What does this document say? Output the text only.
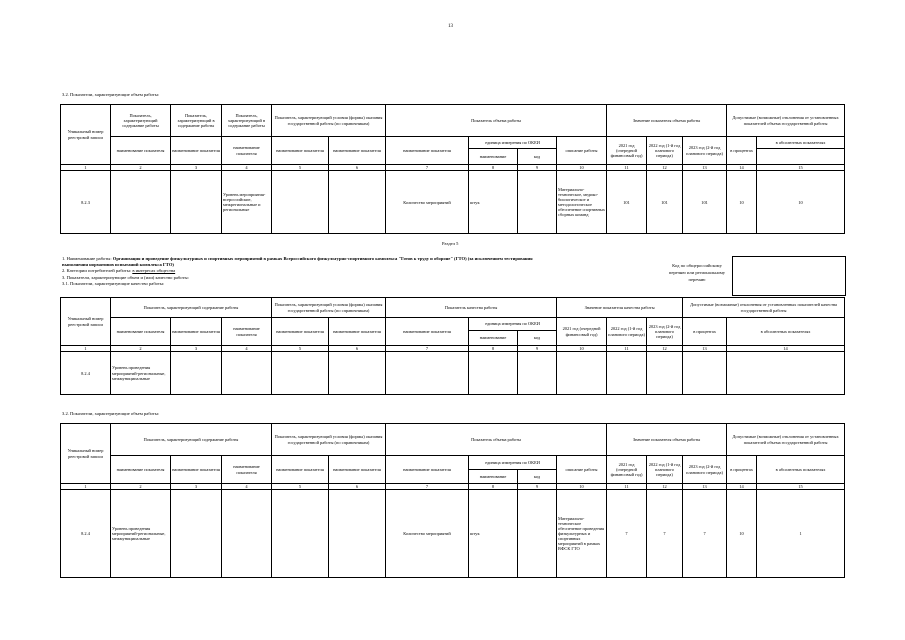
13
3.2. Показатели, характеризующие объем работы:
Уникальный номер реестровой записи	Показатель, характеризующий содержание работы	Показатель, характеризующий в содержание работы	Показатель, характеризующий в содержание работы	Показатель, характеризующий условия (формы) оказания государственной работы (по справочникам)		Показатель объема работы				Значение показателя объема работы			Допустимые (возможные) отклонения от установленных показателей объема государственной работы	
	наименование показателя	наименование показателя	наименование показателя	наименование показателя	наименование показателя	наименование показателя	единица измерения по ОКЕИ		описание работы	2021 год (очередной финансовый год)	2022 год (1-й год планового периода)	2023 год (2-й год планового периода)	в процентах	в абсолютных показателях
							наименование	код						
1	2	3	4	5	6	7	8	9	10	11	12	13	14	15
8.2.3			Уровень мероприятия-всероссийские, межрегиональные и региональные			Количество мероприятий	штук		Материально-техническое, медико-биологическое и методологическое обеспечение спортивных сборных команд	101	101	101	10	10
Раздел 5
1. Наименование работы: Организация и проведение физкультурных и спортивных мероприятий в рамках Всероссийского физкультурно-спортивного комплекса "Готов к труду и обороне" (ГТО) (за исключением тестирования
выполнения нормативов испытаний комплекса ГТО)
2. Категории потребителей работы: в интересах общества
3. Показатели, характеризующие объем и (или) качество работы:
3.1. Показатели, характеризующие качество работы:
Код по общероссийскому перечню или региональному перечню
Уникальный номер реестровой записи	Показатель, характеризующий содержание работы			Показатель, характеризующий условия (формы) оказания государственной работы (по справочникам)		Показатель качества работы			Значение показателя качества работы			Допустимые (возможные) отклонения от установленных показателей качества государственной работы	
	наименование показателя	наименование показателя	наименование показателя	наименование показателя	наименование показателя	наименование показателя	единица измерения по ОКЕИ		2021 год (очередной финансовый год)	2022 год (1-й год планового периода)	2023 год (2-й год планового периода)	в процентах	в абсолютных показателях
							наименование	код					
1	2	3	4	5	6	7	8	9	10	11	12	13	14
8.2.4	Уровень проведения мероприятий-региональные, межмуниципальные												
3.2. Показатели, характеризующие объем работы:
Уникальный номер реестровой записи	Показатель, характеризующий содержание работы			Показатель, характеризующий условия (формы) оказания государственной работы (по справочникам)		Показатель объема работы				Значение показателя объема работы			Допустимые (возможные) отклонения от установленных показателей объема государственной работы	
	наименование показателя	наименование показателя	наименование показателя	наименование показателя	наименование показателя	наименование показателя	единица измерения по ОКЕИ		описание работы	2021 год (очередной финансовый год)	2022 год (1-й год планового периода)	2023 год (2-й год планового периода)	в процентах	в абсолютных показателях
							наименование	код						
1	2	3	4	5	6	7	8	9	10	11	12	13	14	15
8.2.4	Уровень проведения мероприятий-региональные, межмуниципальные					Количество мероприятий	штук		Материально-техническое обеспечение проведения физкультурных и спортивных мероприятий в рамках ВФСК ГТО	7	7	7	10	1
